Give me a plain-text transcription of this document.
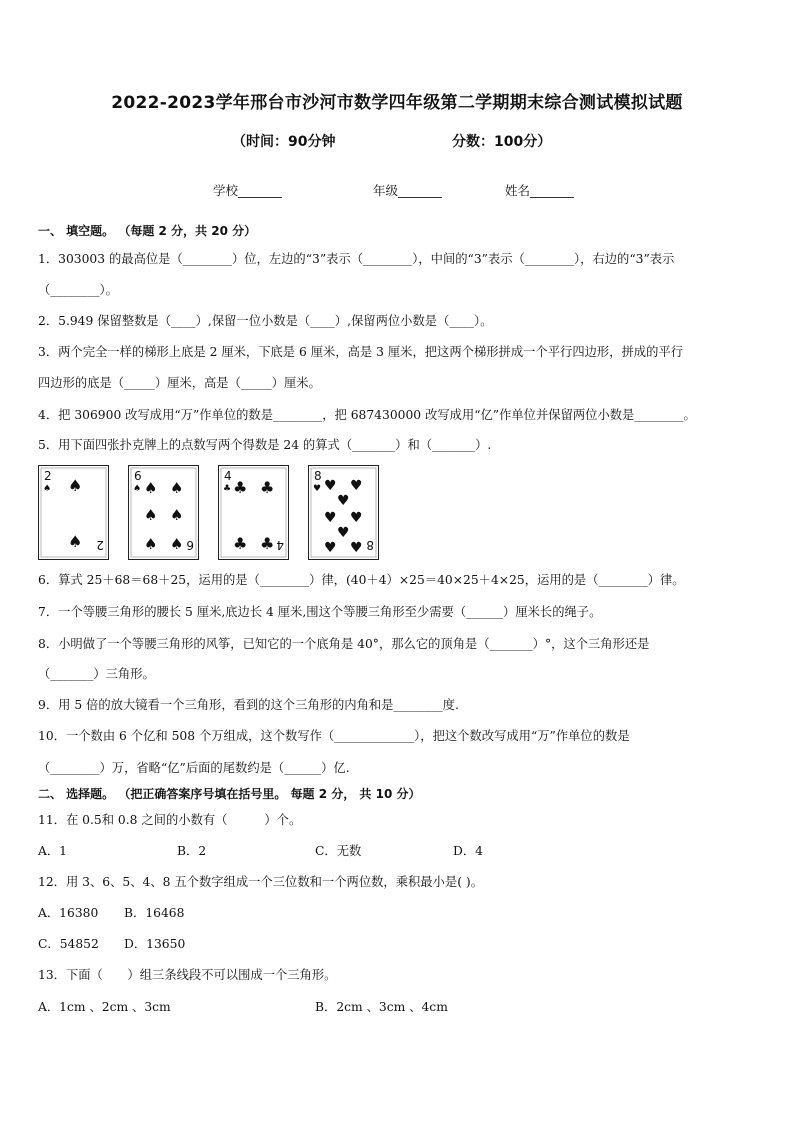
2022-2023学年邢台市沙河市数学四年级第二学期期末综合测试模拟试题
（时间：90分钟	分数：100分）
学校_______	年级_______	姓名_______
一、 填空题。 （每题 2 分，共 20 分）
1．303003 的最高位是（________）位，左边的“3”表示（________），中间的“3”表示（________），右边的“3”表示
（________）。
2．5.949 保留整数是（____）,保留一位小数是（____）,保留两位小数是（____）。
3．两个完全一样的梯形上底是 2 厘米，下底是 6 厘米，高是 3 厘米，把这两个梯形拼成一个平行四边形，拼成的平行
四边形的底是（_____）厘米，高是（_____）厘米。
4．把 306900 改写成用“万”作单位的数是________，把 687430000 改写成用“亿”作单位并保留两位小数是________。
5．用下面四张扑克牌上的点数写两个得数是 24 的算式（_______）和（_______）.
2
♠ ♠
♠ 2
6
♠ ♠ ♠
♠ ♠
♠ ♠ 6
4
♣ ♣ ♣
♣ ♣ 4
8
♥ ♥ ♥
♥
♥ ♥
♥
♥ ♥ 8
6．算式 25＋68＝68＋25，运用的是（________）律，(40＋4）×25＝40×25＋4×25，运用的是（________）律。
7．一个等腰三角形的腰长 5 厘米,底边长 4 厘米,围这个等腰三角形至少需要（______）厘米长的绳子。
8．小明做了一个等腰三角形的风筝，已知它的一个底角是 40°，那么它的顶角是（_______）°，这个三角形还是
（_______）三角形。
9．用 5 倍的放大镜看一个三角形，看到的这个三角形的内角和是________度.
10．一个数由 6 个亿和 508 个万组成，这个数写作（_____________），把这个数改写成用“万”作单位的数是
（________）万，省略“亿”后面的尾数约是（______）亿.
二、 选择题。 （把正确答案序号填在括号里。 每题 2 分， 共 10 分）
11．在 0.5和 0.8 之间的小数有（　　　）个。
A．1	B．2	C．无数	D．4
12．用 3、6、5、4、8 五个数字组成一个三位数和一个两位数，乘积最小是( )。
A．16380 B．16468
C．54852 D．13650
13．下面（　　）组三条线段不可以围成一个三角形。
A．1cm 、2cm 、3cm	B．2cm 、3cm 、4cm
